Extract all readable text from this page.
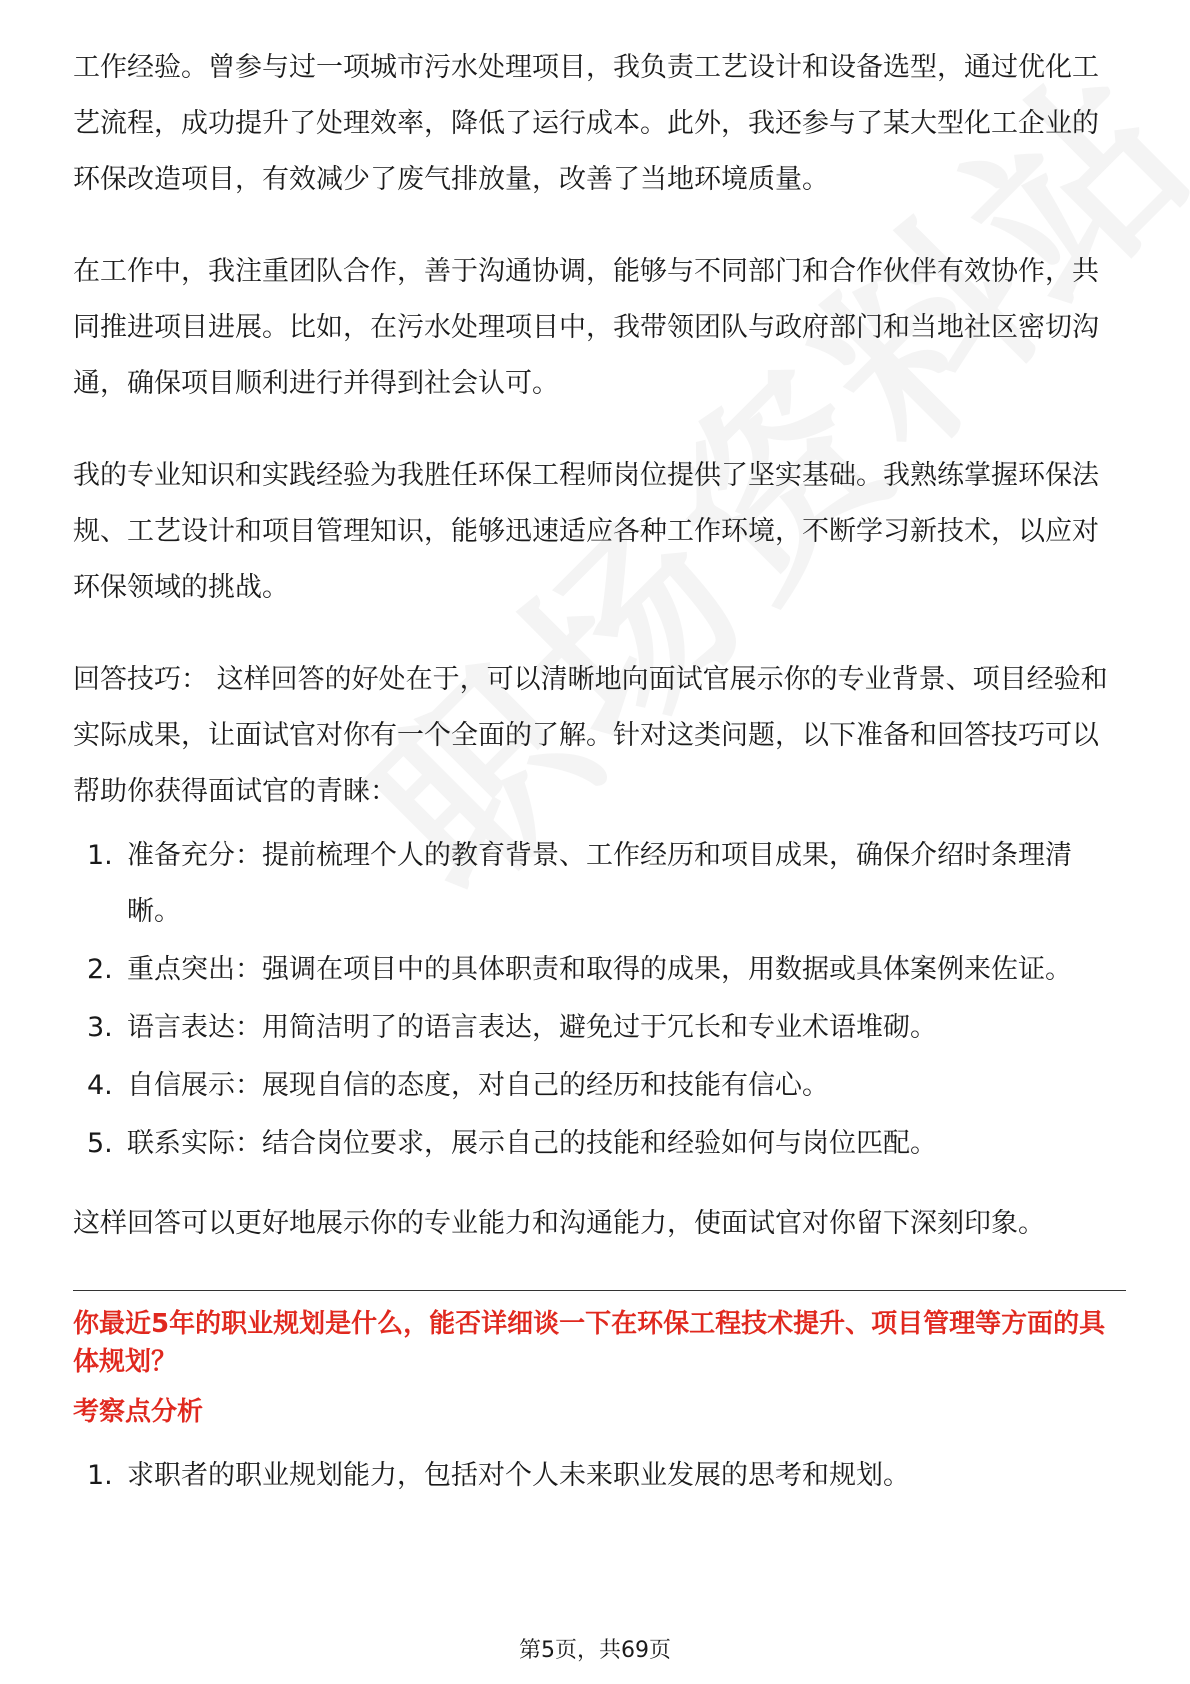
工作经验。曾参与过一项城市污水处理项目，我负责工艺设计和设备选型，通过优化工艺流程，成功提升了处理效率，降低了运行成本。此外，我还参与了某大型化工企业的环保改造项目，有效减少了废气排放量，改善了当地环境质量。

在工作中，我注重团队合作，善于沟通协调，能够与不同部门和合作伙伴有效协作，共同推进项目进展。比如，在污水处理项目中，我带领团队与政府部门和当地社区密切沟通，确保项目顺利进行并得到社会认可。

我的专业知识和实践经验为我胜任环保工程师岗位提供了坚实基础。我熟练掌握环保法规、工艺设计和项目管理知识，能够迅速适应各种工作环境，不断学习新技术，以应对环保领域的挑战。

回答技巧： 这样回答的好处在于，可以清晰地向面试官展示你的专业背景、项目经验和实际成果，让面试官对你有一个全面的了解。针对这类问题，以下准备和回答技巧可以帮助你获得面试官的青睐：

1. 准备充分：提前梳理个人的教育背景、工作经历和项目成果，确保介绍时条理清晰。
2. 重点突出：强调在项目中的具体职责和取得的成果，用数据或具体案例来佐证。
3. 语言表达：用简洁明了的语言表达，避免过于冗长和专业术语堆砌。
4. 自信展示：展现自信的态度，对自己的经历和技能有信心。
5. 联系实际：结合岗位要求，展示自己的技能和经验如何与岗位匹配。

这样回答可以更好地展示你的专业能力和沟通能力，使面试官对你留下深刻印象。

你最近5年的职业规划是什么，能否详细谈一下在环保工程技术提升、项目管理等方面的具体规划？

考察点分析

1. 求职者的职业规划能力，包括对个人未来职业发展的思考和规划。
第5页，共69页
